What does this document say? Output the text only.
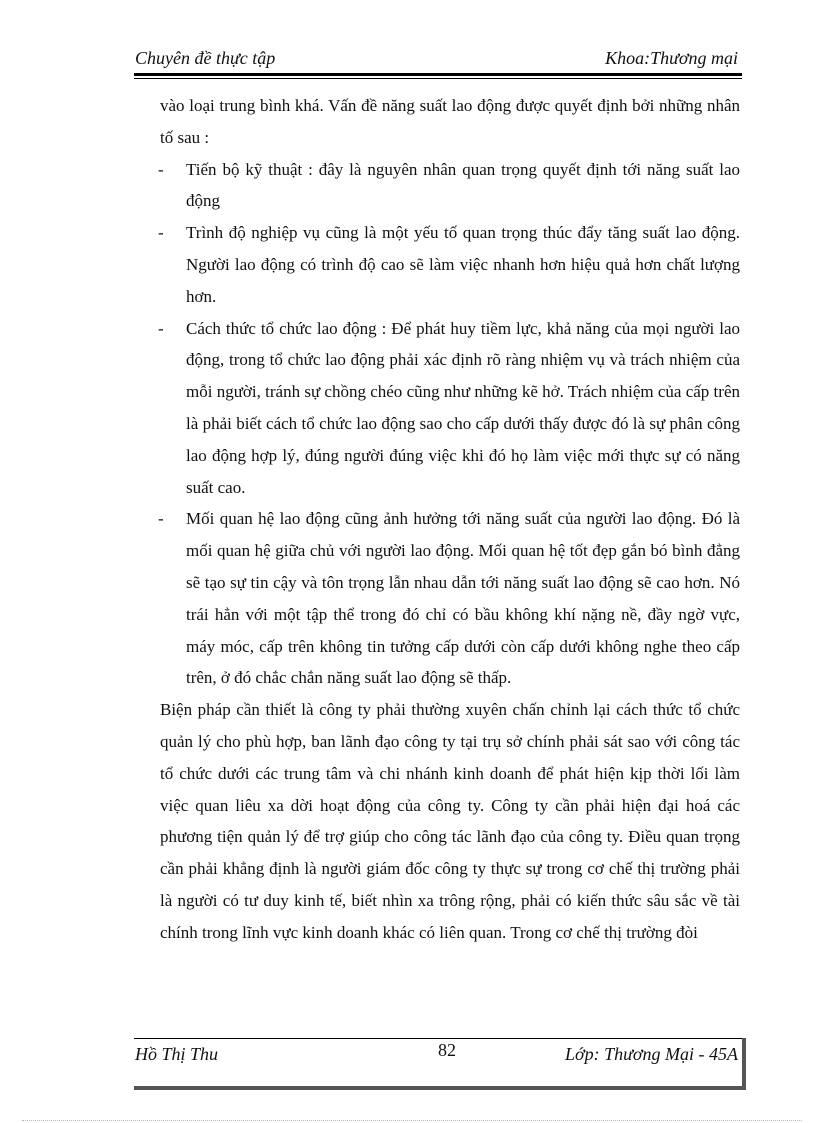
Chuyên đề thực tập	Khoa:Thương mại

vào loại trung bình khá. Vấn đề năng suất lao động được quyết định bởi những nhân tố sau :

- Tiến bộ kỹ thuật : đây là nguyên nhân quan trọng quyết định tới năng suất lao động
- Trình độ nghiệp vụ cũng là một yếu tố quan trọng thúc đẩy tăng suất lao động. Người lao động có trình độ cao sẽ làm việc nhanh hơn hiệu quả hơn chất lượng hơn.
- Cách thức tổ chức lao động : Để phát huy tiềm lực, khả năng của mọi người lao động, trong tổ chức lao động phải xác định rõ ràng nhiệm vụ và trách nhiệm của mỗi người, tránh sự chồng chéo cũng như những kẽ hở. Trách nhiệm của cấp trên là phải biết cách tổ chức lao động sao cho cấp dưới thấy được đó là sự phân công lao động hợp lý, đúng người đúng việc khi đó họ làm việc mới thực sự có năng suất cao.
- Mối quan hệ lao động cũng ảnh hưởng tới năng suất của người lao động. Đó là mối quan hệ giữa chủ với người lao động. Mối quan hệ tốt đẹp gắn bó bình đẳng sẽ tạo sự tin cậy và tôn trọng lẫn nhau dẫn tới năng suất lao động sẽ cao hơn. Nó trái hẳn với một tập thể trong đó chỉ có bầu không khí nặng nề, đầy ngờ vực, máy móc, cấp trên không tin tưởng cấp dưới còn cấp dưới không nghe theo cấp trên, ở đó chắc chắn năng suất lao động sẽ thấp.

Biện pháp cần thiết là công ty phải thường xuyên chấn chỉnh lại cách thức tổ chức quản lý cho phù hợp, ban lãnh đạo công ty tại trụ sở chính phải sát sao với công tác tổ chức dưới các trung tâm và chi nhánh kinh doanh để phát hiện kịp thời lối làm việc quan liêu xa dời hoạt động của công ty. Công ty cần phải hiện đại hoá các phương tiện quản lý để trợ giúp cho công tác lãnh đạo của công ty. Điều quan trọng cần phải khẳng định là người giám đốc công ty thực sự trong cơ chế thị trường phải là người có tư duy kinh tế, biết nhìn xa trông rộng, phải có kiến thức sâu sắc về tài chính trong lĩnh vực kinh doanh khác có liên quan. Trong cơ chế thị trường đòi

Hồ Thị Thu	82	Lớp: Thương Mại - 45A
